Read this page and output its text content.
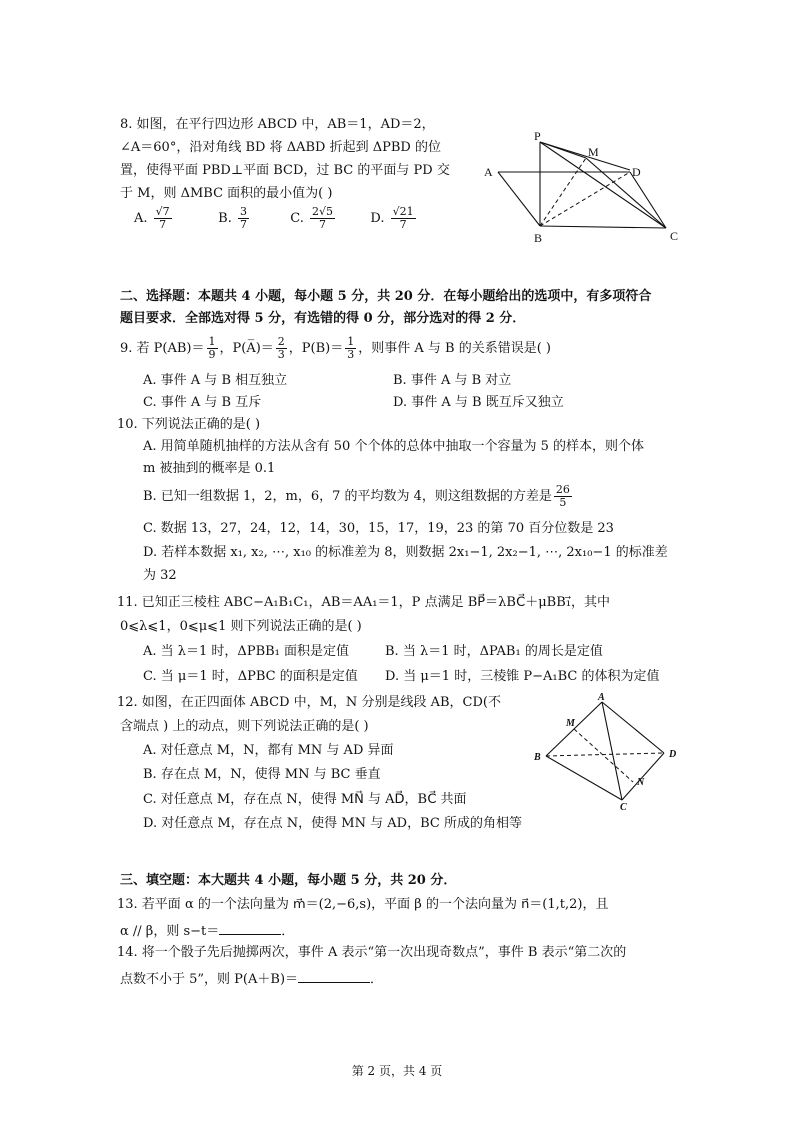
8. 如图，在平行四边形 ABCD 中，AB＝1，AD＝2，
∠A＝60°，沿对角线 BD 将 ΔABD 折起到 ΔPBD 的位
置，使得平面 PBD⊥平面 BCD，过 BC 的平面与 PD 交
于 M，则 ΔMBC 面积的最小值为( )
A. $\frac{√7}{7}$	B. $\frac{3}{7}$	C. $\frac{2√5}{7}$	D. $\frac{√21}{7}$
P
M
D
A
B	C
二、选择题：本题共 4 小题，每小题 5 分，共 20 分．在每小题给出的选项中，有多项符合
题目要求．全部选对得 5 分，有选错的得 0 分，部分选对的得 2 分．
9. 若 $P(AB)= \frac{1}{9}$ ，P(A̅)＝ $\frac{2}{3}$ ，$P(B)= \frac{1}{3}$ ，则事件 A 与 B 的关系错误是( )
A. 事件 A 与 B 相互独立	B. 事件 A 与 B 对立
C. 事件 A 与 B 互斥	D. 事件 A 与 B 既互斥又独立
10. 下列说法正确的是( )
A. 用简单随机抽样的方法从含有 50 个个体的总体中抽取一个容量为 5 的样本，则个体
m 被抽到的概率是 0.1
B. 已知一组数据 1，2，m，6，7 的平均数为 4，则这组数据的方差是 $\frac{26}{5}$
C. 数据 13，27，24，12，14，30，15，17，19，23 的第 70 百分位数是 23
D. 若样本数据 x₁, x₂, ⋯, x₁₀ 的标准差为 8，则数据 2x₁−1, 2x₂−1, ⋯, 2x₁₀−1 的标准差
为 32
11. 已知正三棱柱 ABC−A₁B₁C₁，AB＝AA₁＝1，P 点满足 BP⃗＝λBC⃗＋μBB₁⃗，其中
0⩽λ⩽1，0⩽μ⩽1 则下列说法正确的是( )
A. 当 λ＝1 时，ΔPBB₁ 面积是定值	B. 当 λ＝1 时，ΔPAB₁ 的周长是定值
C. 当 μ＝1 时，ΔPBC 的面积是定值 D. 当 μ＝1 时，三棱锥 P−A₁BC 的体积为定值
12. 如图，在正四面体 ABCD 中，M，N 分别是线段 AB，CD(不
含端点 ) 上的动点，则下列说法正确的是( )
A. 对任意点 M，N，都有 MN 与 AD 异面
B. 存在点 M，N，使得 MN 与 BC 垂直
C. 对任意点 M，存在点 N，使得 MN⃗ 与 AD⃗，BC⃗ 共面
D. 对任意点 M，存在点 N，使得 MN 与 AD，BC 所成的角相等
A
M
B	D
N
C
三、填空题：本大题共 4 小题，每小题 5 分，共 20 分．
13. 若平面 α 的一个法向量为 m⃗＝(2,−6,s)，平面 β 的一个法向量为 n⃗＝(1,t,2)，且
α // β，则 s−t＝	．
14. 将一个骰子先后抛掷两次，事件 A 表示“第一次出现奇数点”，事件 B 表示“第二次的
点数不小于 5”，则 P(A＋B)＝	．
第 2 页，共 4 页
